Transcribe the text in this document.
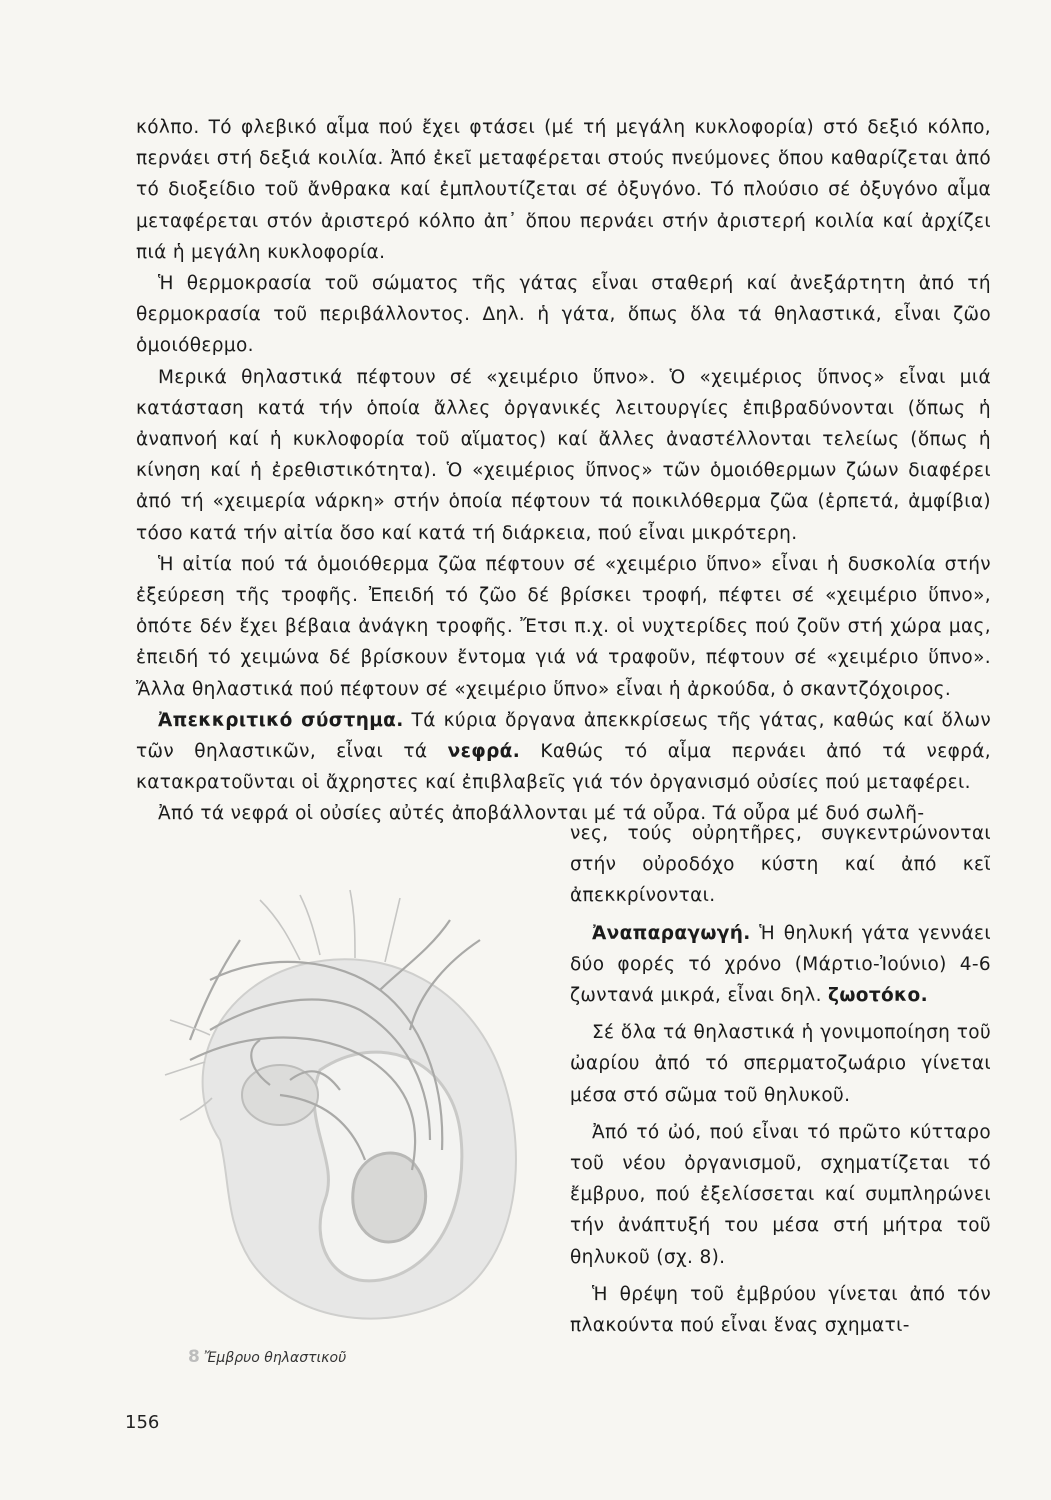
κόλπο. Τό φλεβικό αἷμα πού ἔχει φτάσει (μέ τή μεγάλη κυκλοφορία) στό δεξιό κόλπο, περνάει στή δεξιά κοιλία. Ἀπό ἐκεῖ μεταφέρεται στούς πνεύμονες ὅπου καθαρίζεται ἀπό τό διοξείδιο τοῦ ἄνθρακα καί ἐμπλουτίζεται σέ ὀξυγόνο. Τό πλούσιο σέ ὀξυγόνο αἷμα μεταφέρεται στόν ἀριστερό κόλπο ἀπ᾽ ὅπου περνάει στήν ἀριστερή κοιλία καί ἀρχίζει πιά ἡ μεγάλη κυκλοφορία.

Ἡ θερμοκρασία τοῦ σώματος τῆς γάτας εἶναι σταθερή καί ἀνεξάρτητη ἀπό τή θερμοκρασία τοῦ περιβάλλοντος. Δηλ. ἡ γάτα, ὅπως ὅλα τά θηλαστικά, εἶναι ζῶο ὁμοιόθερμο.

Μερικά θηλαστικά πέφτουν σέ «χειμέριο ὕπνο». Ὁ «χειμέριος ὕπνος» εἶναι μιά κατάσταση κατά τήν ὁποία ἄλλες ὀργανικές λειτουργίες ἐπιβραδύνονται (ὅπως ἡ ἀναπνοή καί ἡ κυκλοφορία τοῦ αἵματος) καί ἄλλες ἀναστέλλονται τελείως (ὅπως ἡ κίνηση καί ἡ ἐρεθιστικότητα). Ὁ «χειμέριος ὕπνος» τῶν ὁμοιόθερμων ζώων διαφέρει ἀπό τή «χειμερία νάρκη» στήν ὁποία πέφτουν τά ποικιλόθερμα ζῶα (ἑρπετά, ἀμφίβια) τόσο κατά τήν αἰτία ὅσο καί κατά τή διάρκεια, πού εἶναι μικρότερη.

Ἡ αἰτία πού τά ὁμοιόθερμα ζῶα πέφτουν σέ «χειμέριο ὕπνο» εἶναι ἡ δυσκολία στήν ἐξεύρεση τῆς τροφῆς. Ἐπειδή τό ζῶο δέ βρίσκει τροφή, πέφτει σέ «χειμέριο ὕπνο», ὁπότε δέν ἔχει βέβαια ἀνάγκη τροφῆς. Ἔτσι π.χ. οἱ νυχτερίδες πού ζοῦν στή χώρα μας, ἐπειδή τό χειμώνα δέ βρίσκουν ἔντομα γιά νά τραφοῦν, πέφτουν σέ «χειμέριο ὕπνο». Ἄλλα θηλαστικά πού πέφτουν σέ «χειμέριο ὕπνο» εἶναι ἡ ἀρκούδα, ὁ σκαντζόχοιρος.

Ἀπεκκριτικό σύστημα. Τά κύρια ὄργανα ἀπεκκρίσεως τῆς γάτας, καθώς καί ὅλων τῶν θηλαστικῶν, εἶναι τά νεφρά. Καθώς τό αἷμα περνάει ἀπό τά νεφρά, κατακρατοῦνται οἱ ἄχρηστες καί ἐπιβλαβεῖς γιά τόν ὀργανισμό οὐσίες πού μεταφέρει.

Ἀπό τά νεφρά οἱ οὐσίες αὐτές ἀποβάλλονται μέ τά οὖρα. Τά οὖρα μέ δυό σωλῆ-

νες, τούς οὐρητῆρες, συγκεντρώνονται στήν οὐροδόχο κύστη καί ἀπό κεῖ ἀπεκκρίνονται.

Ἀναπαραγωγή. Ἡ θηλυκή γάτα γεννάει δύο φορές τό χρόνο (Μάρτιο-Ἰούνιο) 4-6 ζωντανά μικρά, εἶναι δηλ. ζωοτόκο.

Σέ ὅλα τά θηλαστικά ἡ γονιμοποίηση τοῦ ὠαρίου ἀπό τό σπερματοζωάριο γίνεται μέσα στό σῶμα τοῦ θηλυκοῦ.

Ἀπό τό ὠό, πού εἶναι τό πρῶτο κύτταρο τοῦ νέου ὀργανισμοῦ, σχηματίζεται τό ἔμβρυο, πού ἐξελίσσεται καί συμπληρώνει τήν ἀνάπτυξή του μέσα στή μήτρα τοῦ θηλυκοῦ (σχ. 8).

Ἡ θρέψη τοῦ ἐμβρύου γίνεται ἀπό τόν πλακούντα πού εἶναι ἕνας σχηματι-

8 Ἔμβρυο θηλαστικοῦ
156
